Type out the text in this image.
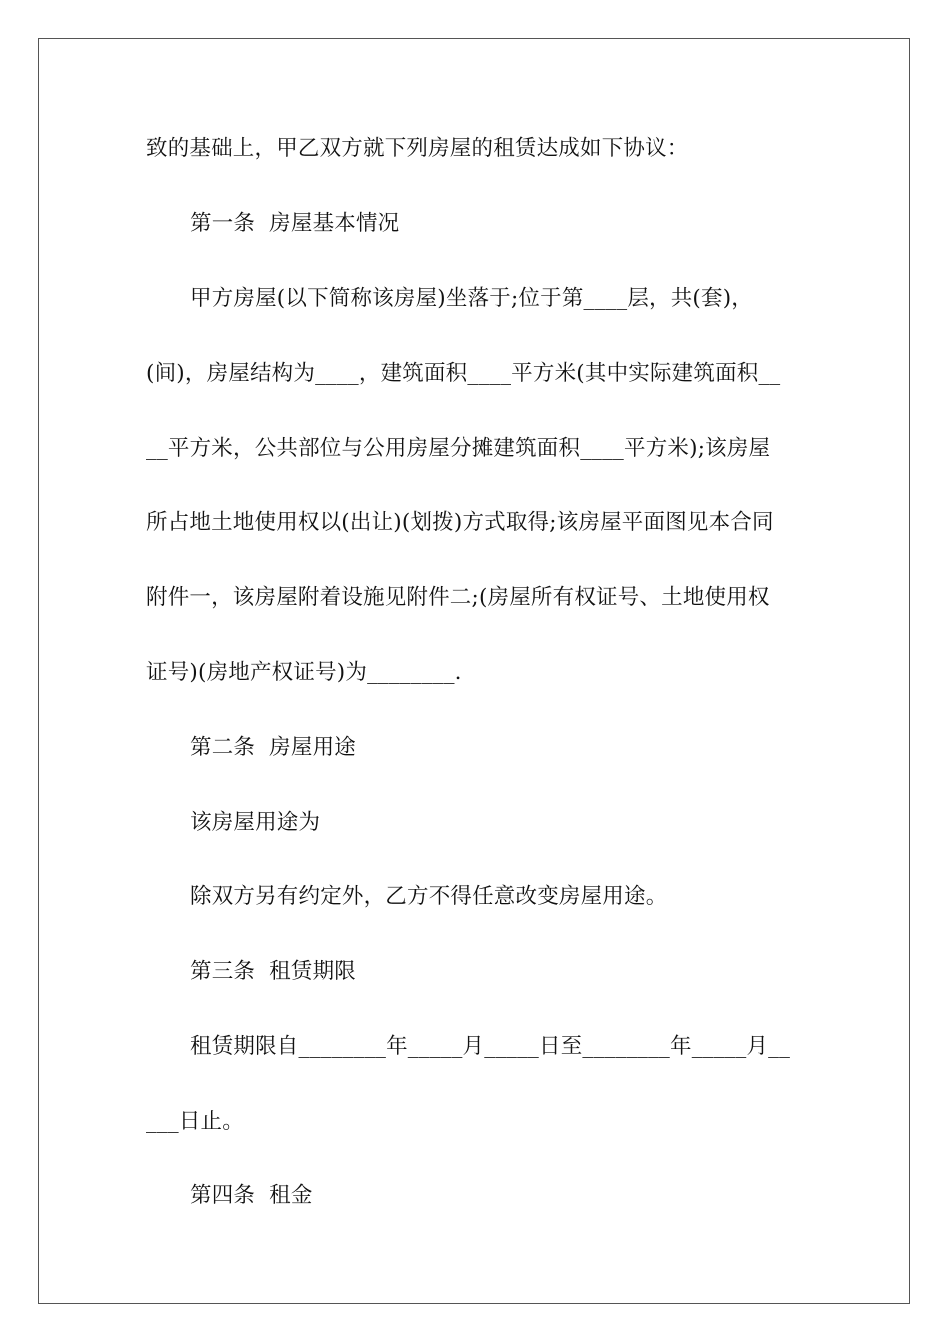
致的基础上，甲乙双方就下列房屋的租赁达成如下协议：
第一条  房屋基本情况
甲方房屋(以下简称该房屋)坐落于;位于第____层，共(套)，
(间)，房屋结构为____，建筑面积____平方米(其中实际建筑面积__
__平方米，公共部位与公用房屋分摊建筑面积____平方米);该房屋
所占地土地使用权以(出让)(划拨)方式取得;该房屋平面图见本合同
附件一，该房屋附着设施见附件二;(房屋所有权证号、土地使用权
证号)(房地产权证号)为________.
第二条  房屋用途
该房屋用途为
除双方另有约定外，乙方不得任意改变房屋用途。
第三条  租赁期限
租赁期限自________年_____月_____日至________年_____月__
___日止。
第四条  租金
